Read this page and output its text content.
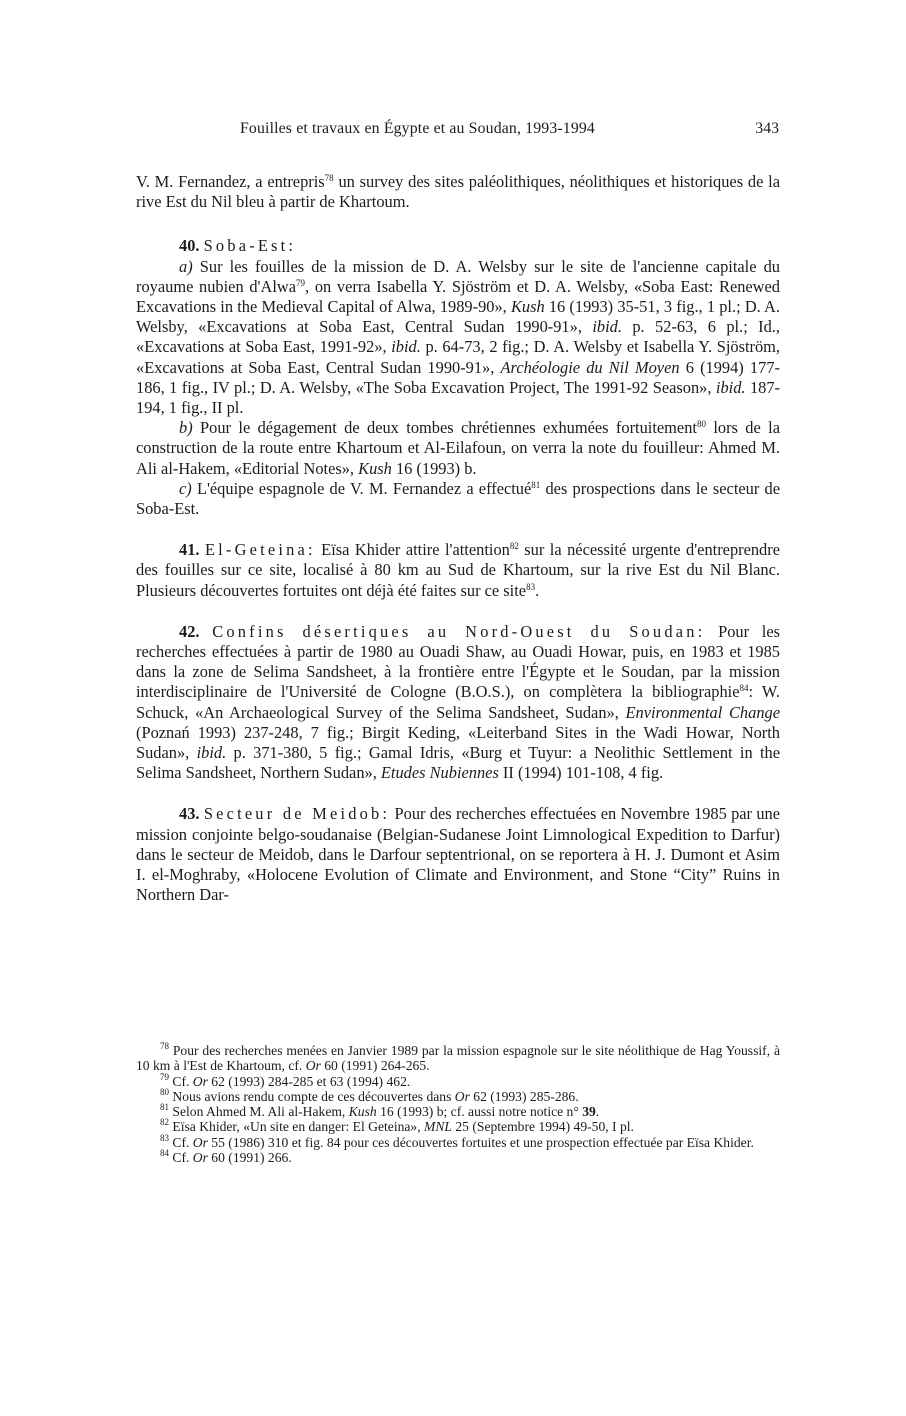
Fouilles et travaux en Égypte et au Soudan, 1993-1994	343

V. M. Fernandez, a entrepris$^{78}$ un survey des sites paléolithiques, néolithiques et historiques de la rive Est du Nil bleu à partir de Khartoum.

40. Soba-Est:

a) Sur les fouilles de la mission de D. A. Welsby sur le site de l'ancienne capitale du royaume nubien d'Alwa$^{79}$, on verra Isabella Y. Sjöström et D. A. Welsby, «Soba East: Renewed Excavations in the Medieval Capital of Alwa, 1989-90», Kush 16 (1993) 35-51, 3 fig., 1 pl.; D. A. Welsby, «Excavations at Soba East, Central Sudan 1990-91», ibid. p. 52-63, 6 pl.; Id., «Excavations at Soba East, 1991-92», ibid. p. 64-73, 2 fig.; D. A. Welsby et Isabella Y. Sjöström, «Excavations at Soba East, Central Sudan 1990-91», Archéologie du Nil Moyen 6 (1994) 177-186, 1 fig., IV pl.; D. A. Welsby, «The Soba Excavation Project, The 1991-92 Season», ibid. 187-194, 1 fig., II pl.

b) Pour le dégagement de deux tombes chrétiennes exhumées fortuitement$^{80}$ lors de la construction de la route entre Khartoum et Al-Eilafoun, on verra la note du fouilleur: Ahmed M. Ali al-Hakem, «Editorial Notes», Kush 16 (1993) b.

c) L'équipe espagnole de V. M. Fernandez a effectué$^{81}$ des prospections dans le secteur de Soba-Est.

41. El-Geteina: Eïsa Khider attire l'attention$^{82}$ sur la nécessité urgente d'entreprendre des fouilles sur ce site, localisé à 80 km au Sud de Khartoum, sur la rive Est du Nil Blanc. Plusieurs découvertes fortuites ont déjà été faites sur ce site$^{83}$.

42. Confins désertiques au Nord-Ouest du Soudan: Pour les recherches effectuées à partir de 1980 au Ouadi Shaw, au Ouadi Howar, puis, en 1983 et 1985 dans la zone de Selima Sandsheet, à la frontière entre l'Égypte et le Soudan, par la mission interdisciplinaire de l'Université de Cologne (B.O.S.), on complètera la bibliographie$^{84}$: W. Schuck, «An Archaeological Survey of the Selima Sandsheet, Sudan», Environmental Change (Poznań 1993) 237-248, 7 fig.; Birgit Keding, «Leiterband Sites in the Wadi Howar, North Sudan», ibid. p. 371-380, 5 fig.; Gamal Idris, «Burg et Tuyur: a Neolithic Settlement in the Selima Sandsheet, Northern Sudan», Etudes Nubiennes II (1994) 101-108, 4 fig.

43. Secteur de Meidob: Pour des recherches effectuées en Novembre 1985 par une mission conjointe belgo-soudanaise (Belgian-Sudanese Joint Limnological Expedition to Darfur) dans le secteur de Meidob, dans le Darfour septentrional, on se reportera à H. J. Dumont et Asim I. el-Moghraby, «Holocene Evolution of Climate and Environment, and Stone “City” Ruins in Northern Dar-

$^{78}$ Pour des recherches menées en Janvier 1989 par la mission espagnole sur le site néolithique de Hag Youssif, à 10 km à l'Est de Khartoum, cf. Or 60 (1991) 264-265.

$^{79}$ Cf. Or 62 (1993) 284-285 et 63 (1994) 462.

$^{80}$ Nous avions rendu compte de ces découvertes dans Or 62 (1993) 285-286.

$^{81}$ Selon Ahmed M. Ali al-Hakem, Kush 16 (1993) b; cf. aussi notre notice n° 39.

$^{82}$ Eïsa Khider, «Un site en danger: El Geteina», MNL 25 (Septembre 1994) 49-50, I pl.

$^{83}$ Cf. Or 55 (1986) 310 et fig. 84 pour ces découvertes fortuites et une prospection effectuée par Eïsa Khider.

$^{84}$ Cf. Or 60 (1991) 266.
